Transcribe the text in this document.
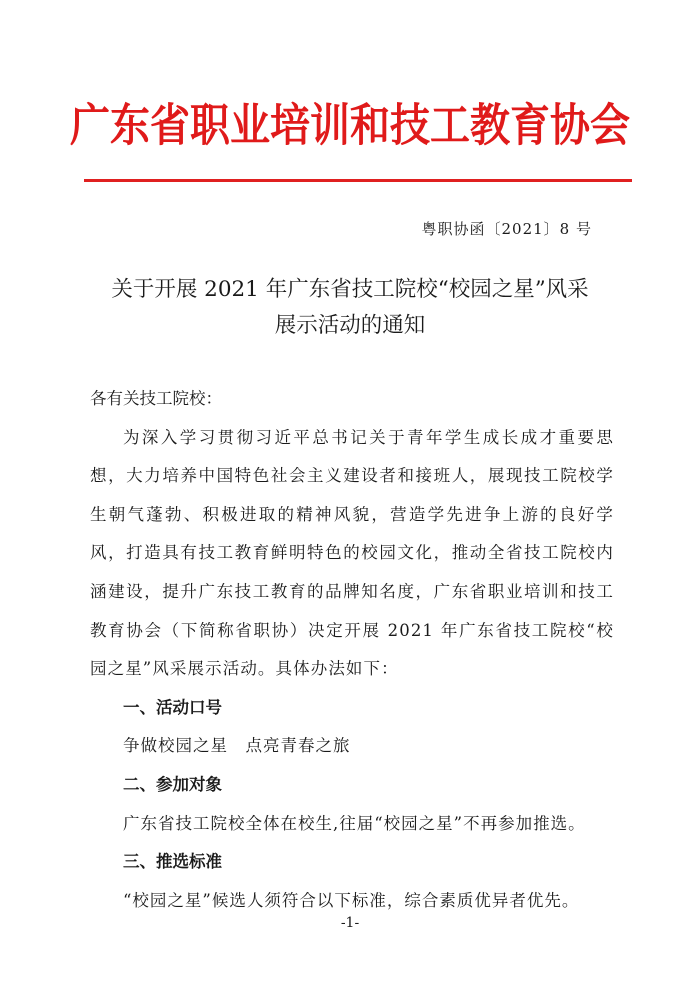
广东省职业培训和技工教育协会
粤职协函〔2021〕8 号
关于开展 2021 年广东省技工院校“校园之星”风采
展示活动的通知

各有关技工院校：

为深入学习贯彻习近平总书记关于青年学生成长成才重要思想，大力培养中国特色社会主义建设者和接班人，展现技工院校学生朝气蓬勃、积极进取的精神风貌，营造学先进争上游的良好学风，打造具有技工教育鲜明特色的校园文化，推动全省技工院校内涵建设，提升广东技工教育的品牌知名度，广东省职业培训和技工教育协会（下简称省职协）决定开展 2021 年广东省技工院校“校园之星”风采展示活动。具体办法如下：

一、活动口号

争做校园之星　点亮青春之旅

二、参加对象

广东省技工院校全体在校生,往届“校园之星”不再参加推选。

三、推选标准

“校园之星”候选人须符合以下标准，综合素质优异者优先。

-1-
